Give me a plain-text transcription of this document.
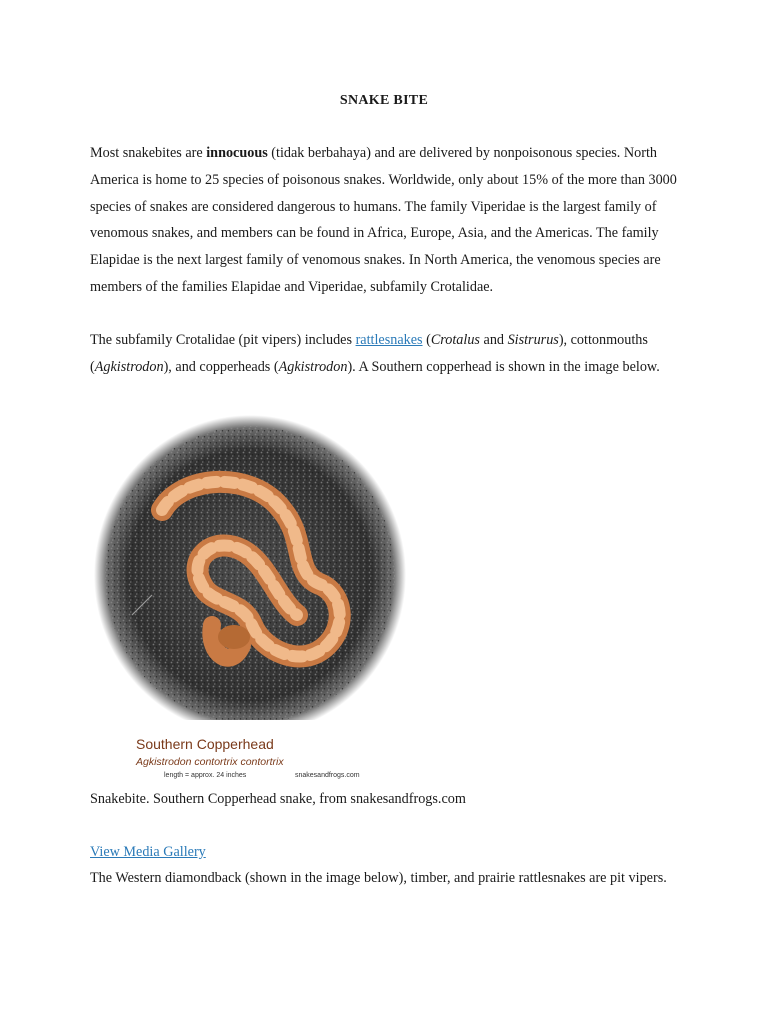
SNAKE BITE
Most snakebites are innocuous (tidak berbahaya) and are delivered by nonpoisonous species. North America is home to 25 species of poisonous snakes. Worldwide, only about 15% of the more than 3000 species of snakes are considered dangerous to humans. The family Viperidae is the largest family of venomous snakes, and members can be found in Africa, Europe, Asia, and the Americas. The family Elapidae is the next largest family of venomous snakes. In North America, the venomous species are members of the families Elapidae and Viperidae, subfamily Crotalidae.
The subfamily Crotalidae (pit vipers) includes rattlesnakes (Crotalus and Sistrurus), cottonmouths (Agkistrodon), and copperheads (Agkistrodon). A Southern copperhead is shown in the image below.
Southern Copperhead
Agkistrodon contortrix contortrix
length = approx. 24 inches	snakesandfrogs.com
Snakebite. Southern Copperhead snake, from snakesandfrogs.com
View Media Gallery
The Western diamondback (shown in the image below), timber, and prairie rattlesnakes are pit vipers.
